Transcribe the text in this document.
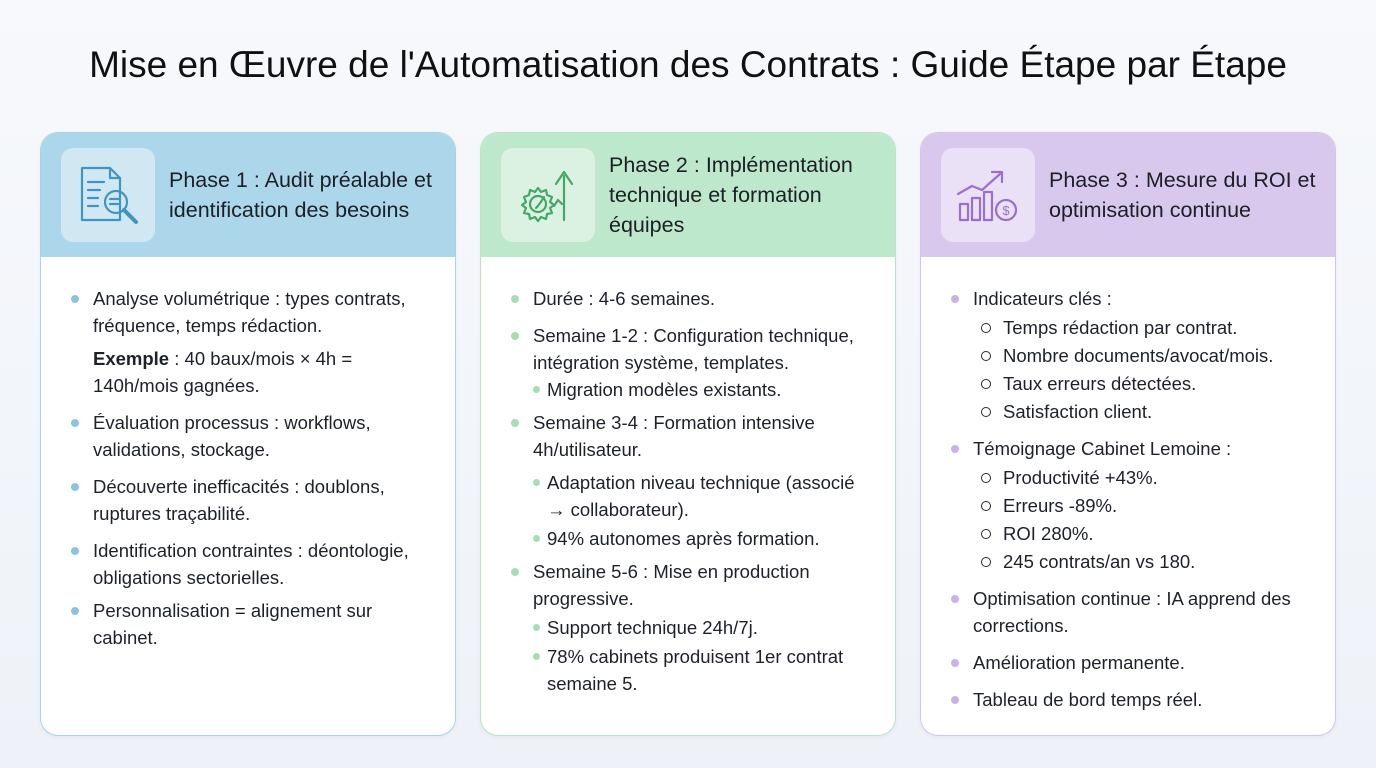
Mise en Œuvre de l'Automatisation des Contrats : Guide Étape par Étape
Phase 1 : Audit préalable et identification des besoins
Analyse volumétrique : types contrats, fréquence, temps rédaction.
Exemple : 40 baux/mois × 4h = 140h/mois gagnées.
Évaluation processus : workflows, validations, stockage.
Découverte inefficacités : doublons, ruptures traçabilité.
Identification contraintes : déontologie, obligations sectorielles.
Personnalisation = alignement sur cabinet.
Phase 2 : Implémentation technique et formation équipes
Durée : 4-6 semaines.
Semaine 1-2 : Configuration technique, intégration système, templates.
Migration modèles existants.
Semaine 3-4 : Formation intensive 4h/utilisateur.
Adaptation niveau technique (associé → collaborateur).
94% autonomes après formation.
Semaine 5-6 : Mise en production progressive.
Support technique 24h/7j.
78% cabinets produisent 1er contrat semaine 5.
$
Phase 3 : Mesure du ROI et optimisation continue
Indicateurs clés :
Temps rédaction par contrat.
Nombre documents/avocat/mois.
Taux erreurs détectées.
Satisfaction client.
Témoignage Cabinet Lemoine :
Productivité +43%.
Erreurs -89%.
ROI 280%.
245 contrats/an vs 180.
Optimisation continue : IA apprend des corrections.
Amélioration permanente.
Tableau de bord temps réel.
